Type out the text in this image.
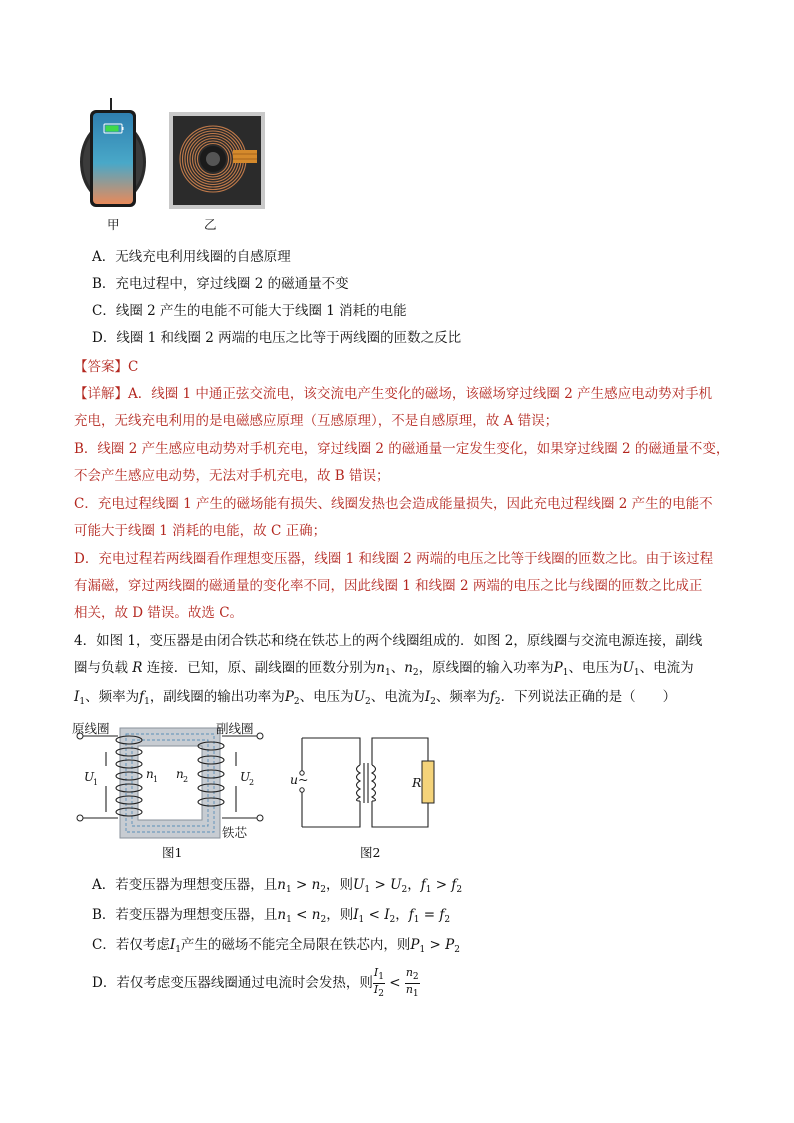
甲	乙
A．无线充电利用线圈的自感原理
B．充电过程中，穿过线圈 2 的磁通量不变
C．线圈 2 产生的电能不可能大于线圈 1 消耗的电能
D．线圈 1 和线圈 2 两端的电压之比等于两线圈的匝数之反比
【答案】C
【详解】A．线圈 1 中通正弦交流电，该交流电产生变化的磁场，该磁场穿过线圈 2 产生感应电动势对手机
充电，无线充电利用的是电磁感应原理（互感原理），不是自感原理，故 A 错误；
B．线圈 2 产生感应电动势对手机充电，穿过线圈 2 的磁通量一定发生变化，如果穿过线圈 2 的磁通量不变，
不会产生感应电动势，无法对手机充电，故 B 错误；
C．充电过程线圈 1 产生的磁场能有损失、线圈发热也会造成能量损失，因此充电过程线圈 2 产生的电能不
可能大于线圈 1 消耗的电能，故 C 正确；
D．充电过程若两线圈看作理想变压器，线圈 1 和线圈 2 两端的电压之比等于线圈的匝数之比。由于该过程
有漏磁，穿过两线圈的磁通量的变化率不同，因此线圈 1 和线圈 2 两端的电压之比与线圈的匝数之比成正
相关，故 D 错误。故选 C。
4．如图 1，变压器是由闭合铁芯和绕在铁芯上的两个线圈组成的．如图 2，原线圈与交流电源连接，副线
圈与负载 R 连接．已知，原、副线圈的匝数分别为$n_1$、$n_2$，原线圈的输入功率为$P_1$、电压为$U_1$、电流为
$I_1$、频率为$f_1$，副线圈的输出功率为$P_2$、电压为$U_2$、电流为$I_2$、频率为$f_2$．下列说法正确的是（　　）
U
1	U
2
n 1 n 2
原线圈	副线圈
铁芯
图1
u~	R
图2
A．若变压器为理想变压器，且$n_1 > n_2$，则$U_1 > U_2$，$f_1 > f_2$
B．若变压器为理想变压器，且$n_1 < n_2$，则$I_1 < I_2$，$f_1 = f_2$
C．若仅考虑$I_1$产生的磁场不能完全局限在铁芯内，则$P_1 > P_2$
D．若仅考虑变压器线圈通过电流时会发热，则 $\frac{I_1}{I_2} < \frac{n_2}{n_1}$
